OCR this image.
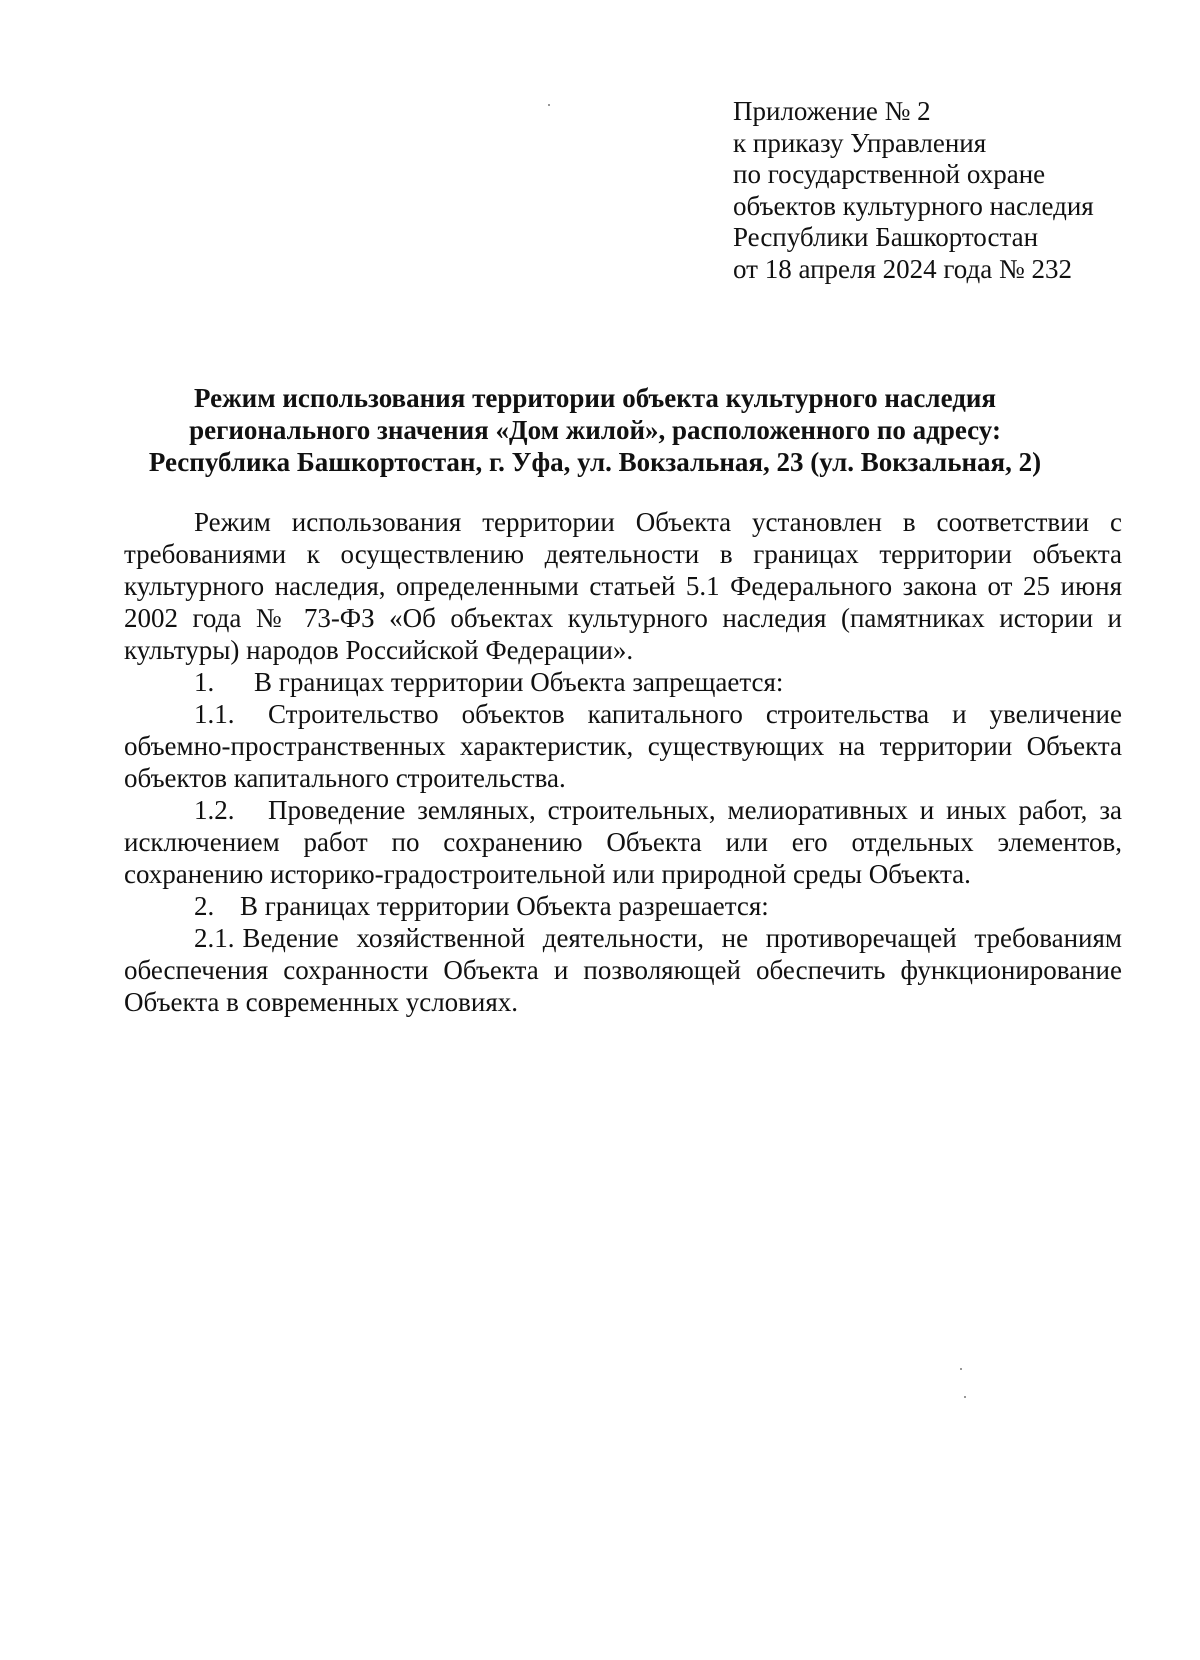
Приложение № 2
к приказу Управления
по государственной охране
объектов культурного наследия
Республики Башкортостан
от 18 апреля 2024 года № 232
Режим использования территории объекта культурного наследия
регионального значения «Дом жилой», расположенного по адресу:
Республика Башкортостан, г. Уфа, ул. Вокзальная, 23 (ул. Вокзальная, 2)

Режим использования территории Объекта установлен в соответствии с требованиями к осуществлению деятельности в границах территории объекта культурного наследия, определенными статьей 5.1 Федерального закона от 25 июня 2002 года № 73-ФЗ «Об объектах культурного наследия (памятниках истории и культуры) народов Российской Федерации».

1. В границах территории Объекта запрещается:

1.1. Строительство объектов капитального строительства и увеличение объемно-пространственных характеристик, существующих на территории Объекта объектов капитального строительства.

1.2. Проведение земляных, строительных, мелиоративных и иных работ, за исключением работ по сохранению Объекта или его отдельных элементов, сохранению историко-градостроительной или природной среды Объекта.

2. В границах территории Объекта разрешается:

2.1. Ведение хозяйственной деятельности, не противоречащей требованиям обеспечения сохранности Объекта и позволяющей обеспечить функционирование Объекта в современных условиях.
